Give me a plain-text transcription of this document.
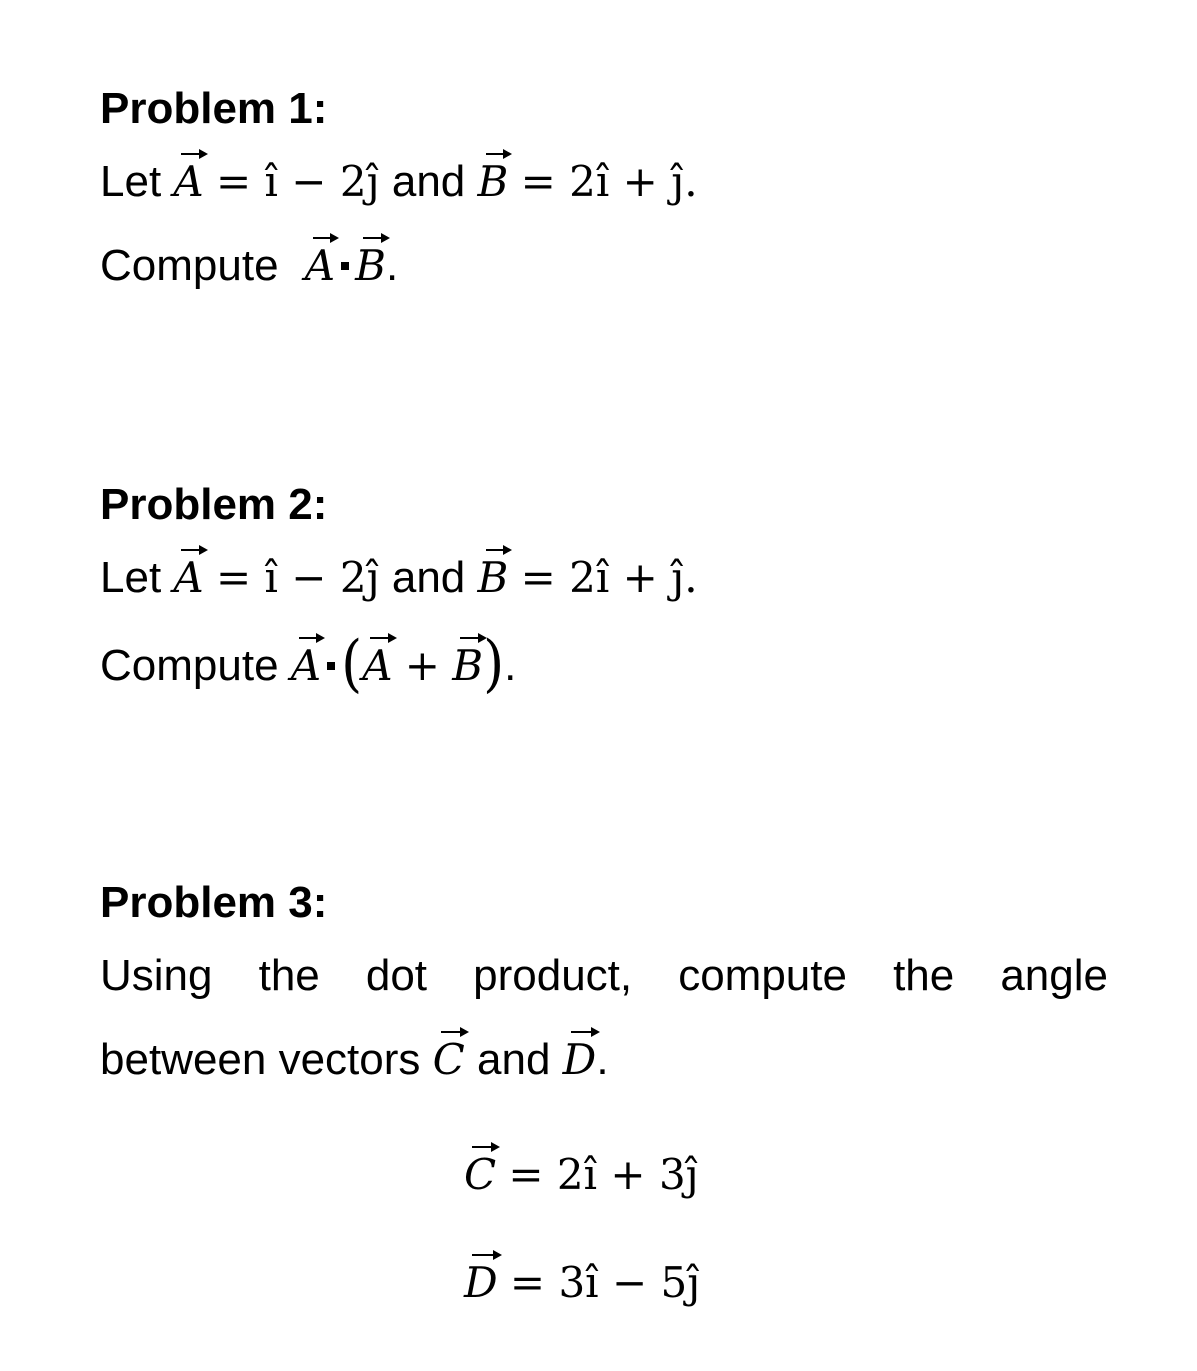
Problem 1:
Let A = î − 2ĵ and B = 2î + ĵ.
Compute A B.
Problem 2:
Let A = î − 2ĵ and B = 2î + ĵ.
Compute A (
A + B).
Problem 3:
Using the dot product, compute the angle
between vectors C and D.
C = 2î + 3ĵ
D = 3î − 5ĵ
